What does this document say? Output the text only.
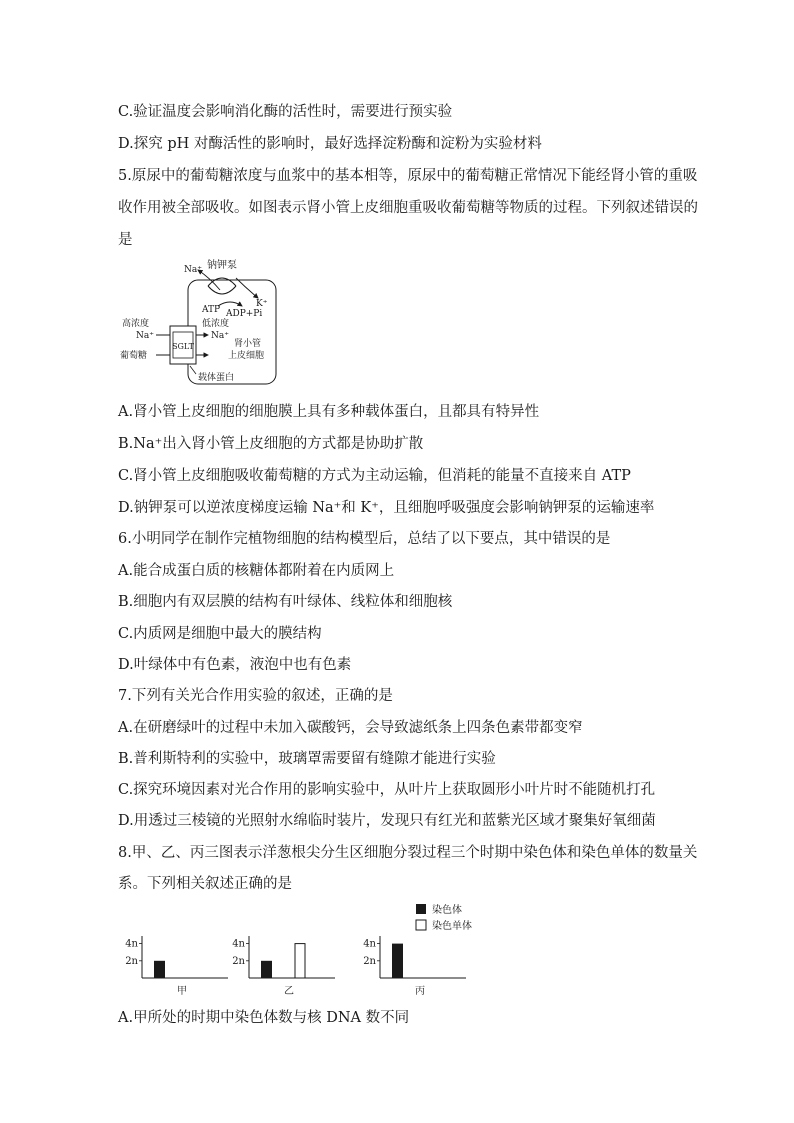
C.验证温度会影响消化酶的活性时，需要进行预实验
D.探究 pH 对酶活性的影响时，最好选择淀粉酶和淀粉为实验材料
5.原尿中的葡萄糖浓度与血浆中的基本相等，原尿中的葡萄糖正常情况下能经肾小管的重吸
收作用被全部吸收。如图表示肾小管上皮细胞重吸收葡萄糖等物质的过程。下列叙述错误的
是
A.肾小管上皮细胞的细胞膜上具有多种载体蛋白，且都具有特异性
B.Na⁺出入肾小管上皮细胞的方式都是协助扩散
C.肾小管上皮细胞吸收葡萄糖的方式为主动运输，但消耗的能量不直接来自 ATP
D.钠钾泵可以逆浓度梯度运输 Na⁺和 K⁺，且细胞呼吸强度会影响钠钾泵的运输速率
6.小明同学在制作完植物细胞的结构模型后，总结了以下要点，其中错误的是
A.能合成蛋白质的核糖体都附着在内质网上
B.细胞内有双层膜的结构有叶绿体、线粒体和细胞核
C.内质网是细胞中最大的膜结构
D.叶绿体中有色素，液泡中也有色素
7.下列有关光合作用实验的叙述，正确的是
A.在研磨绿叶的过程中未加入碳酸钙，会导致滤纸条上四条色素带都变窄
B.普利斯特利的实验中，玻璃罩需要留有缝隙才能进行实验
C.探究环境因素对光合作用的影响实验中，从叶片上获取圆形小叶片时不能随机打孔
D.用透过三棱镜的光照射水绵临时装片，发现只有红光和蓝紫光区域才聚集好氧细菌
8.甲、乙、丙三图表示洋葱根尖分生区细胞分裂过程三个时期中染色体和染色单体的数量关
系。下列相关叙述正确的是
A.甲所处的时期中染色体数与核 DNA 数不同
钠钾泵
Na⁺
K⁺
ATP ADP+Pi
低浓度
Na⁺
高浓度
Na⁺
葡萄糖
SGLT	肾小管
上皮细胞
载体蛋白
2n
4n
甲
2n
4n
乙
2n
4n
丙
染色体
染色单体
